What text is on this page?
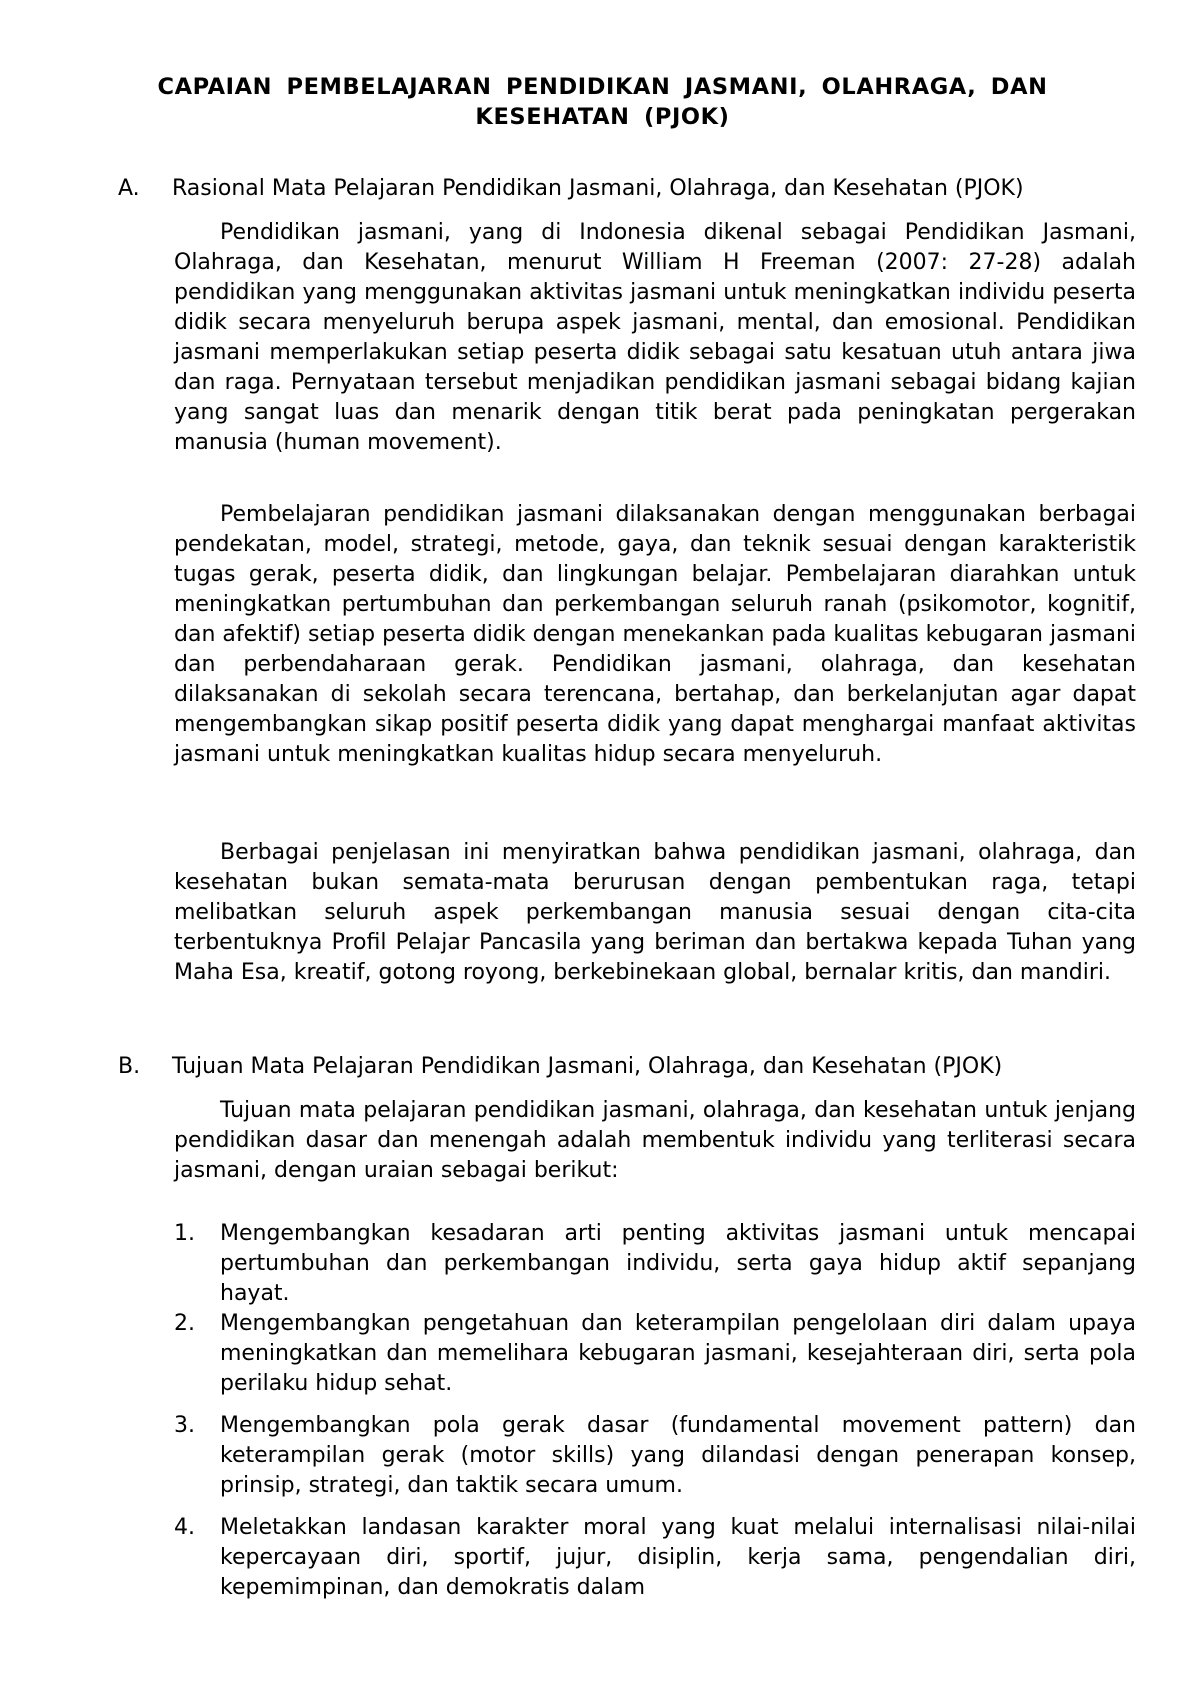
CAPAIAN PEMBELAJARAN PENDIDIKAN JASMANI, OLAHRAGA, DAN KESEHATAN (PJOK)
A. Rasional Mata Pelajaran Pendidikan Jasmani, Olahraga, dan Kesehatan (PJOK)

Pendidikan jasmani, yang di Indonesia dikenal sebagai Pendidikan Jasmani, Olahraga, dan Kesehatan, menurut William H Freeman (2007: 27-28) adalah pendidikan yang menggunakan aktivitas jasmani untuk meningkatkan individu peserta didik secara menyeluruh berupa aspek jasmani, mental, dan emosional. Pendidikan jasmani memperlakukan setiap peserta didik sebagai satu kesatuan utuh antara jiwa dan raga. Pernyataan tersebut menjadikan pendidikan jasmani sebagai bidang kajian yang sangat luas dan menarik dengan titik berat pada peningkatan pergerakan manusia (human movement).

Pembelajaran pendidikan jasmani dilaksanakan dengan menggunakan berbagai pendekatan, model, strategi, metode, gaya, dan teknik sesuai dengan karakteristik tugas gerak, peserta didik, dan lingkungan belajar. Pembelajaran diarahkan untuk meningkatkan pertumbuhan dan perkembangan seluruh ranah (psikomotor, kognitif, dan afektif) setiap peserta didik dengan menekankan pada kualitas kebugaran jasmani dan perbendaharaan gerak. Pendidikan jasmani, olahraga, dan kesehatan dilaksanakan di sekolah secara terencana, bertahap, dan berkelanjutan agar dapat mengembangkan sikap positif peserta didik yang dapat menghargai manfaat aktivitas jasmani untuk meningkatkan kualitas hidup secara menyeluruh.

Berbagai penjelasan ini menyiratkan bahwa pendidikan jasmani, olahraga, dan kesehatan bukan semata-mata berurusan dengan pembentukan raga, tetapi melibatkan seluruh aspek perkembangan manusia sesuai dengan cita-cita terbentuknya Profil Pelajar Pancasila yang beriman dan bertakwa kepada Tuhan yang Maha Esa, kreatif, gotong royong, berkebinekaan global, bernalar kritis, dan mandiri.

B. Tujuan Mata Pelajaran Pendidikan Jasmani, Olahraga, dan Kesehatan (PJOK)

Tujuan mata pelajaran pendidikan jasmani, olahraga, dan kesehatan untuk jenjang pendidikan dasar dan menengah adalah membentuk individu yang terliterasi secara jasmani, dengan uraian sebagai berikut:

1. Mengembangkan kesadaran arti penting aktivitas jasmani untuk mencapai pertumbuhan dan perkembangan individu, serta gaya hidup aktif sepanjang hayat.
2. Mengembangkan pengetahuan dan keterampilan pengelolaan diri dalam upaya meningkatkan dan memelihara kebugaran jasmani, kesejahteraan diri, serta pola perilaku hidup sehat.
3. Mengembangkan pola gerak dasar (fundamental movement pattern) dan keterampilan gerak (motor skills) yang dilandasi dengan penerapan konsep, prinsip, strategi, dan taktik secara umum.
4. Meletakkan landasan karakter moral yang kuat melalui internalisasi nilai-nilai kepercayaan diri, sportif, jujur, disiplin, kerja sama, pengendalian diri, kepemimpinan, dan demokratis dalam
